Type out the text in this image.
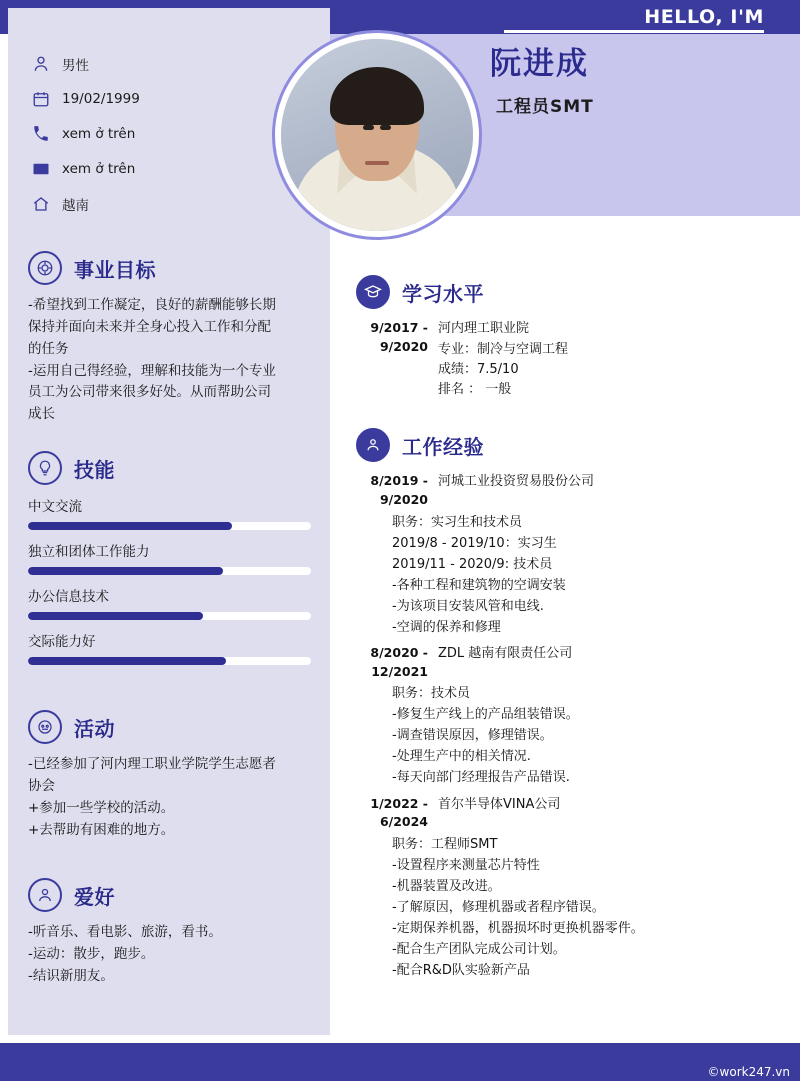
HELLO, I'M
男性
19/02/1999
xem ở trên
xem ở trên
越南
事业目标

-希望找到工作凝定，良好的薪酬能够长期

保持并面向未来并全身心投入工作和分配

的任务

-运用自己得经验，理解和技能为一个专业

员工为公司带来很多好处。从而帮助公司

成长

技能
中文交流
独立和团体工作能力
办公信息技术
交际能力好
活动

-已经参加了河内理工职业学院学生志愿者

协会

+参加一些学校的活动。

+去帮助有困难的地方。

爱好

-听音乐、看电影、旅游，看书。

-运动：散步，跑步。

-结识新朋友。

阮进成
工程员SMT
学习水平
9/2017 - 9/2020
河内理工职业院
专业：制冷与空调工程
成绩：7.5/10
排名 ： 一般
工作经验
8/2019 - 9/2020
河城工业投资贸易股份公司
职务：实习生和技术员
2019/8 - 2019/10：实习生
2019/11 - 2020/9: 技术员
-各种工程和建筑物的空调安装
-为该项目安装风管和电线.
-空调的保养和修理
8/2020 - 12/2021
ZDL 越南有限责任公司
职务：技术员
-修复生产线上的产品组装错误。
-调查错误原因，修理错误。
-处理生产中的相关情况.
-每天向部门经理报告产品错误.
1/2022 - 6/2024
首尔半导体VINA公司
职务：工程师SMT
-设置程序来测量芯片特性
-机器装置及改进。
-了解原因，修理机器或者程序错误。
-定期保养机器，机器损坏时更换机器零件。
-配合生产团队完成公司计划。
-配合R&D队实验新产品
©work247.vn
